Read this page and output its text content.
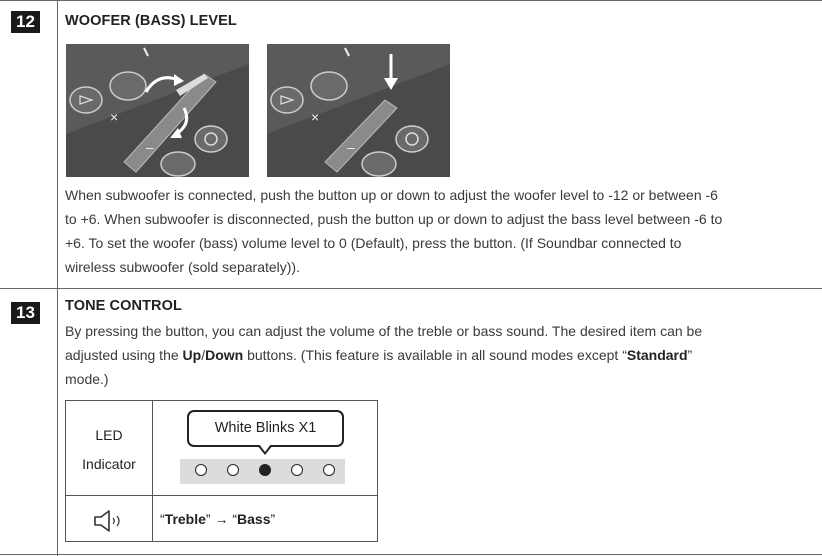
12	WOOFER (BASS) LEVEL
×
–
×
–
When subwoofer is connected, push the button up or down to adjust the woofer level to -12 or between -6
to +6. When subwoofer is disconnected, push the button up or down to adjust the bass level between -6 to
+6. To set the woofer (bass) volume level to 0 (Default), press the button. (If Soundbar connected to
wireless subwoofer (sold separately)).
13	TONE CONTROL
By pressing the button, you can adjust the volume of the treble or bass sound. The desired item can be
adjusted using the Up/Down buttons. (This feature is available in all sound modes except “Standard”
mode.)
LED
Indicator
White Blinks X1
“Treble” → “Bass”
